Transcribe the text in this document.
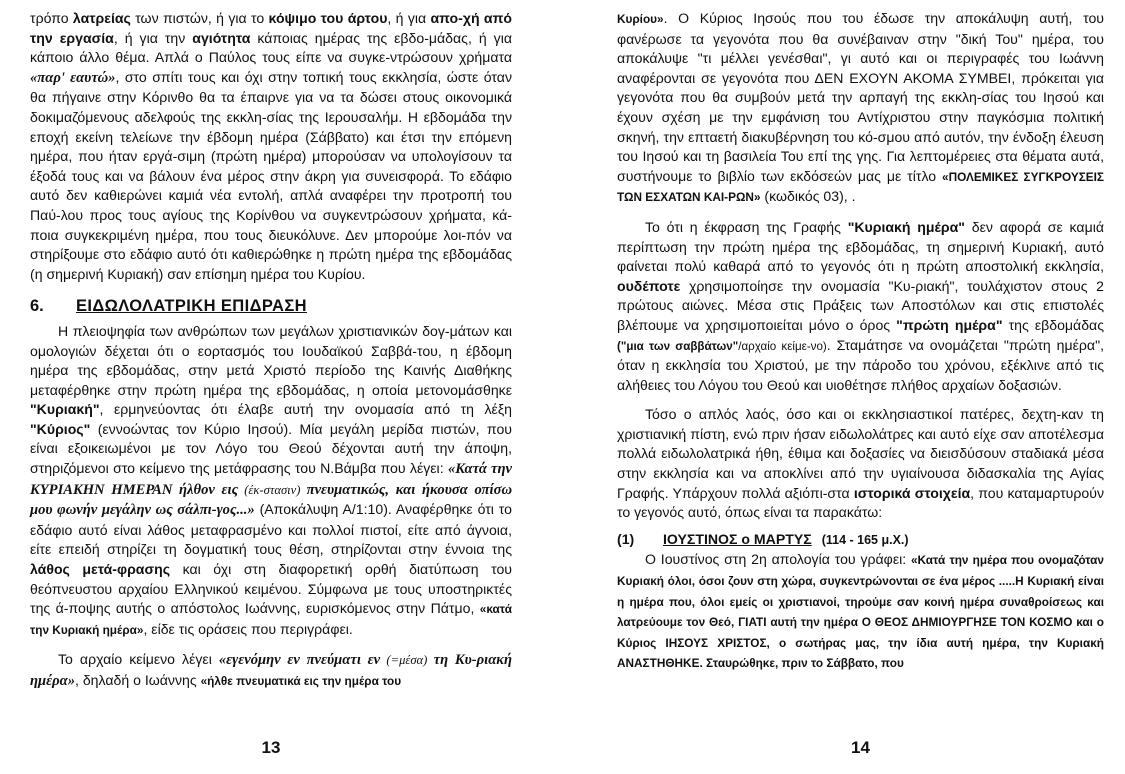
τρόπο λατρείας των πιστών, ή για το κόψιμο του άρτου, ή για απο-χή από την εργασία, ή για την αγιότητα κάποιας ημέρας της εβδο-μάδας, ή για κάποιο άλλο θέμα. Απλά ο Παύλος τους είπε να συγκε-ντρώσουν χρήματα «παρ' εαυτώ», στο σπίτι τους και όχι στην τοπική τους εκκλησία, ώστε όταν θα πήγαινε στην Κόρινθο θα τα έπαιρνε για να τα δώσει στους οικονομικά δοκιμαζόμενους αδελφούς της εκκλη-σίας της Ιερουσαλήμ. Η εβδομάδα την εποχή εκείνη τελείωνε την έβδομη ημέρα (Σάββατο) και έτσι την επόμενη ημέρα, που ήταν εργά-σιμη (πρώτη ημέρα) μπορούσαν να υπολογίσουν τα έξοδά τους και να βάλουν ένα μέρος στην άκρη για συνεισφορά. Το εδάφιο αυτό δεν καθιερώνει καμιά νέα εντολή, απλά αναφέρει την προτροπή του Παύ-λου προς τους αγίους της Κορίνθου να συγκεντρώσουν χρήματα, κά-ποια συγκεκριμένη ημέρα, που τους διευκόλυνε. Δεν μπορούμε λοι-πόν να στηρίξουμε στο εδάφιο αυτό ότι καθιερώθηκε η πρώτη ημέρα της εβδομάδας (η σημερινή Κυριακή) σαν επίσημη ημέρα του Κυρίου.

6.	ΕΙΔΩΛΟΛΑΤΡΙΚΗ ΕΠΙΔΡΑΣΗ

Η πλειοψηφία των ανθρώπων των μεγάλων χριστιανικών δογ-μάτων και ομολογιών δέχεται ότι ο εορτασμός του Ιουδαϊκού Σαββά-του, η έβδομη ημέρα της εβδομάδας, στην μετά Χριστό περίοδο της Καινής Διαθήκης μεταφέρθηκε στην πρώτη ημέρα της εβδομάδας, η οποία μετονομάσθηκε "Κυριακή", ερμηνεύοντας ότι έλαβε αυτή την ονομασία από τη λέξη "Κύριος" (εννοώντας τον Κύριο Ιησού). Μία μεγάλη μερίδα πιστών, που είναι εξοικειωμένοι με τον Λόγο του Θεού δέχονται αυτή την άποψη, στηριζόμενοι στο κείμενο της μετάφρασης του Ν.Βάμβα που λέγει: «Κατά την ΚΥΡΙΑΚΗΝ ΗΜΕΡΑΝ ήλθον εις (έκ-στασιν) πνευματικώς, και ήκουσα οπίσω μου φωνήν μεγάλην ως σάλπι-γος...» (Αποκάλυψη Α/1:10). Αναφέρθηκε ότι το εδάφιο αυτό είναι λάθος μεταφρασμένο και πολλοί πιστοί, είτε από άγνοια, είτε επειδή στηρίζει τη δογματική τους θέση, στηρίζονται στην έννοια της λάθος μετά-φρασης και όχι στη διαφορετική ορθή διατύπωση του θεόπνευστου αρχαίου Ελληνικού κειμένου. Σύμφωνα με τους υποστηρικτές της ά-ποψης αυτής ο απόστολος Ιωάννης, ευρισκόμενος στην Πάτμο, «κατά την Κυριακή ημέρα», είδε τις οράσεις που περιγράφει.

Το αρχαίο κείμενο λέγει «εγενόμην εν πνεύματι εν (=μέσα) τη Κυ-ριακή ημέρα», δηλαδή ο Ιωάννης «ήλθε πνευματικά εις την ημέρα του

13

Κυρίου». Ο Κύριος Ιησούς που του έδωσε την αποκάλυψη αυτή, του φανέρωσε τα γεγονότα που θα συνέβαιναν στην "δική Του" ημέρα, του αποκάλυψε "τι μέλλει γενέσθαι", γι αυτό και οι περιγραφές του Ιωάννη αναφέρονται σε γεγονότα που ΔΕΝ ΕΧΟΥΝ ΑΚΟΜΑ ΣΥΜΒΕΙ, πρόκειται για γεγονότα που θα συμβούν μετά την αρπαγή της εκκλη-σίας του Ιησού και έχουν σχέση με την εμφάνιση του Αντίχριστου στην παγκόσμια πολιτική σκηνή, την επταετή διακυβέρνηση του κό-σμου από αυτόν, την ένδοξη έλευση του Ιησού και τη βασιλεία Του επί της γης. Για λεπτομέρειες στα θέματα αυτά, συστήνουμε το βιβλίο των εκδόσεών μας με τίτλο «ΠΟΛΕΜΙΚΕΣ ΣΥΓΚΡΟΥΣΕΙΣ ΤΩΝ ΕΣΧΑΤΩΝ ΚΑΙ-ΡΩΝ» (κωδικός 03), .

Το ότι η έκφραση της Γραφής "Κυριακή ημέρα" δεν αφορά σε καμιά περίπτωση την πρώτη ημέρα της εβδομάδας, τη σημερινή Κυριακή, αυτό φαίνεται πολύ καθαρά από το γεγονός ότι η πρώτη αποστολική εκκλησία, ουδέποτε χρησιμοποίησε την ονομασία "Κυ-ριακή", τουλάχιστον στους 2 πρώτους αιώνες. Μέσα στις Πράξεις των Αποστόλων και στις επιστολές βλέπουμε να χρησιμοποιείται μόνο ο όρος "πρώτη ημέρα" της εβδομάδας ("μια των σαββάτων"/αρχαίο κείμε-νο). Σταμάτησε να ονομάζεται "πρώτη ημέρα", όταν η εκκλησία του Χριστού, με την πάροδο του χρόνου, εξέκλινε από τις αλήθειες του Λόγου του Θεού και υιοθέτησε πλήθος αρχαίων δοξασιών.

Τόσο ο απλός λαός, όσο και οι εκκλησιαστικοί πατέρες, δεχτη-καν τη χριστιανική πίστη, ενώ πριν ήσαν ειδωλολάτρες και αυτό είχε σαν αποτέλεσμα πολλά ειδωλολατρικά ήθη, έθιμα και δοξασίες να διεισδύσουν σταδιακά μέσα στην εκκλησία και να αποκλίνει από την υγιαίνουσα διδασκαλία της Αγίας Γραφής. Υπάρχουν πολλά αξιόπι-στα ιστορικά στοιχεία, που καταμαρτυρούν το γεγονός αυτό, όπως είναι τα παρακάτω:

(1)	ΙΟΥΣΤΙΝΟΣ ο ΜΑΡΤΥΣ (114 - 165 μ.Χ.)

Ο Ιουστίνος στη 2η απολογία του γράφει: «Κατά την ημέρα που ονομαζόταν Κυριακή όλοι, όσοι ζουν στη χώρα, συγκεντρώνονται σε ένα μέρος .....Η Κυριακή είναι η ημέρα που, όλοι εμείς οι χριστιανοί, τηρούμε σαν κοινή ημέρα συναθροίσεως και λατρεύουμε τον Θεό, ΓΙΑΤΙ αυτή την ημέρα Ο ΘΕΟΣ ΔΗΜΙΟΥΡΓΗΣΕ ΤΟΝ ΚΟΣΜΟ και ο Κύριος ΙΗΣΟΥΣ ΧΡΙΣΤΟΣ, ο σωτήρας μας, την ίδια αυτή ημέρα, την Κυριακή ΑΝΑΣΤΗΘΗΚΕ. Σταυρώθηκε, πριν το Σάββατο, που

14
